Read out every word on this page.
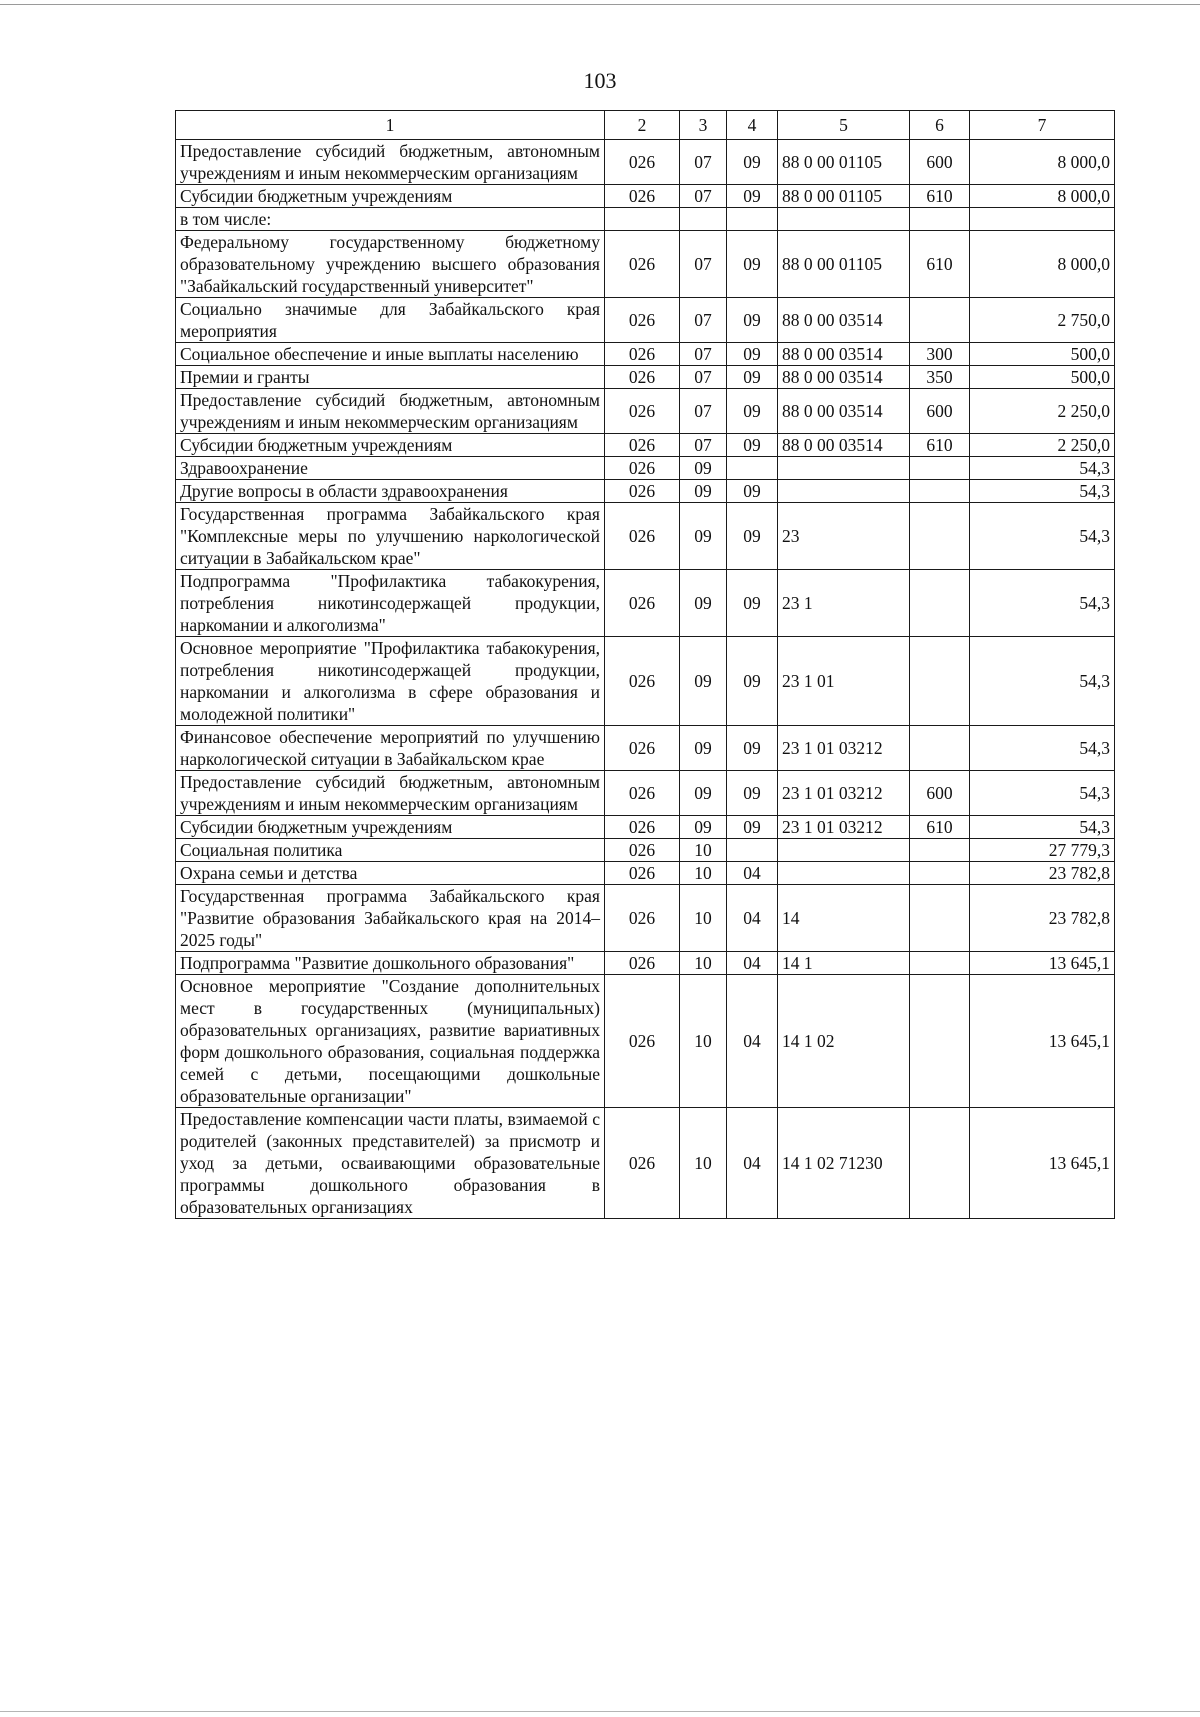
103
1	2	3	4	5	6	7
Предоставление субсидий бюджетным, автономным учреждениям и иным некоммерческим организациям	026	07	09	88 0 00 01105	600	8 000,0
Субсидии бюджетным учреждениям	026	07	09	88 0 00 01105	610	8 000,0
в том числе:						
Федеральному государственному бюджетному образовательному учреждению высшего образования "Забайкальский государственный университет"	026	07	09	88 0 00 01105	610	8 000,0
Социально значимые для Забайкальского края мероприятия	026	07	09	88 0 00 03514		2 750,0
Социальное обеспечение и иные выплаты населению	026	07	09	88 0 00 03514	300	500,0
Премии и гранты	026	07	09	88 0 00 03514	350	500,0
Предоставление субсидий бюджетным, автономным учреждениям и иным некоммерческим организациям	026	07	09	88 0 00 03514	600	2 250,0
Субсидии бюджетным учреждениям	026	07	09	88 0 00 03514	610	2 250,0
Здравоохранение	026	09				54,3
Другие вопросы в области здравоохранения	026	09	09			54,3
Государственная программа Забайкальского края "Комплексные меры по улучшению наркологической ситуации в Забайкальском крае"	026	09	09	23		54,3
Подпрограмма "Профилактика табакокурения, потребления никотинсодержащей продукции, наркомании и алкоголизма"	026	09	09	23 1		54,3
Основное мероприятие "Профилактика табакокурения, потребления никотинсодержащей продукции, наркомании и алкоголизма в сфере образования и молодежной политики"	026	09	09	23 1 01		54,3
Финансовое обеспечение мероприятий по улучшению наркологической ситуации в Забайкальском крае	026	09	09	23 1 01 03212		54,3
Предоставление субсидий бюджетным, автономным учреждениям и иным некоммерческим организациям	026	09	09	23 1 01 03212	600	54,3
Субсидии бюджетным учреждениям	026	09	09	23 1 01 03212	610	54,3
Социальная политика	026	10				27 779,3
Охрана семьи и детства	026	10	04			23 782,8
Государственная программа Забайкальского края "Развитие образования Забайкальского края на 2014–2025 годы"	026	10	04	14		23 782,8
Подпрограмма "Развитие дошкольного образования"	026	10	04	14 1		13 645,1
Основное мероприятие "Создание дополнительных мест в государственных (муниципальных) образовательных организациях, развитие вариативных форм дошкольного образования, социальная поддержка семей с детьми, посещающими дошкольные образовательные организации"	026	10	04	14 1 02		13 645,1
Предоставление компенсации части платы, взимаемой с родителей (законных представителей) за присмотр и уход за детьми, осваивающими образовательные программы дошкольного образования в образовательных организациях	026	10	04	14 1 02 71230		13 645,1
